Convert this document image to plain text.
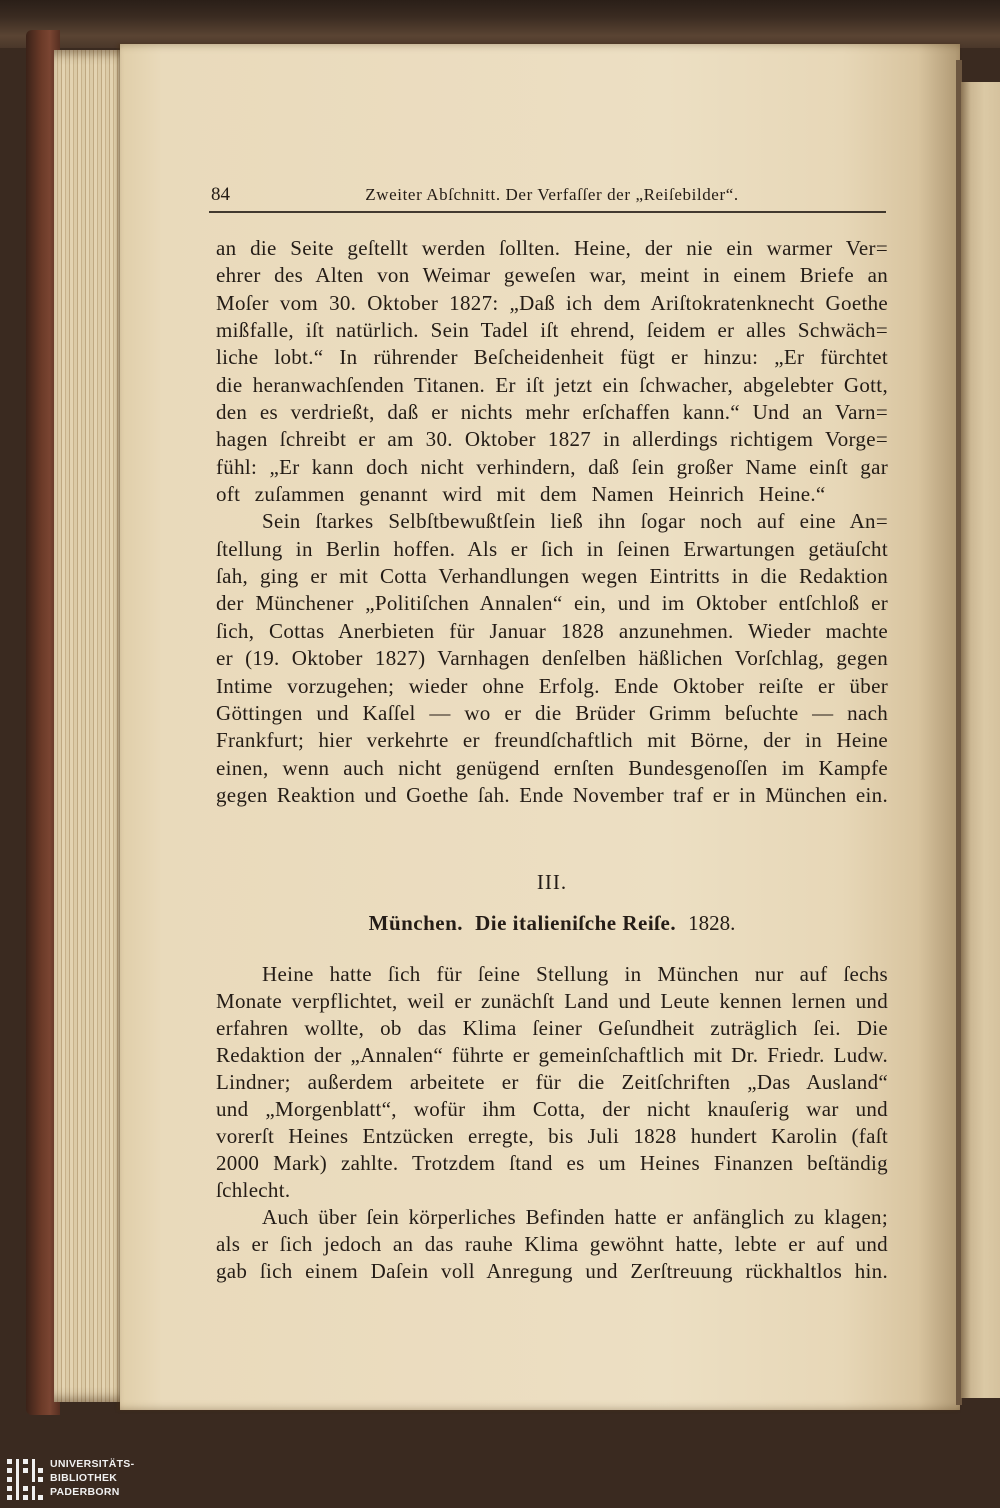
84	Zweiter Abſchnitt. Der Verfaſſer der „Reiſebilder“.
an die Seite geſtellt werden ſollten. Heine, der nie ein warmer Ver=
ehrer des Alten von Weimar geweſen war, meint in einem Briefe an
Moſer vom 30. Oktober 1827: „Daß ich dem Ariſtokratenknecht Goethe
mißfalle, iſt natürlich. Sein Tadel iſt ehrend, ſeidem er alles Schwäch=
liche lobt.“ In rührender Beſcheidenheit fügt er hinzu: „Er fürchtet
die heranwachſenden Titanen. Er iſt jetzt ein ſchwacher, abgelebter Gott,
den es verdrießt, daß er nichts mehr erſchaffen kann.“ Und an Varn=
hagen ſchreibt er am 30. Oktober 1827 in allerdings richtigem Vorge=
fühl: „Er kann doch nicht verhindern, daß ſein großer Name einſt gar
oft zuſammen genannt wird mit dem Namen Heinrich Heine.“
Sein ſtarkes Selbſtbewußtſein ließ ihn ſogar noch auf eine An=
ſtellung in Berlin hoffen. Als er ſich in ſeinen Erwartungen getäuſcht
ſah, ging er mit Cotta Verhandlungen wegen Eintritts in die Redaktion
der Münchener „Politiſchen Annalen“ ein, und im Oktober entſchloß er
ſich, Cottas Anerbieten für Januar 1828 anzunehmen. Wieder machte
er (19. Oktober 1827) Varnhagen denſelben häßlichen Vorſchlag, gegen
Intime vorzugehen; wieder ohne Erfolg. Ende Oktober reiſte er über
Göttingen und Kaſſel — wo er die Brüder Grimm beſuchte — nach
Frankfurt; hier verkehrte er freundſchaftlich mit Börne, der in Heine
einen, wenn auch nicht genügend ernſten Bundesgenoſſen im Kampfe
gegen Reaktion und Goethe ſah. Ende November traf er in München ein.
III.
München. Die italieniſche Reiſe. 1828.
Heine hatte ſich für ſeine Stellung in München nur auf ſechs
Monate verpflichtet, weil er zunächſt Land und Leute kennen lernen und
erfahren wollte, ob das Klima ſeiner Geſundheit zuträglich ſei. Die
Redaktion der „Annalen“ führte er gemeinſchaftlich mit Dr. Friedr. Ludw.
Lindner; außerdem arbeitete er für die Zeitſchriften „Das Ausland“
und „Morgenblatt“, wofür ihm Cotta, der nicht knauſerig war und
vorerſt Heines Entzücken erregte, bis Juli 1828 hundert Karolin (faſt
2000 Mark) zahlte. Trotzdem ſtand es um Heines Finanzen beſtändig
ſchlecht.
Auch über ſein körperliches Befinden hatte er anfänglich zu klagen;
als er ſich jedoch an das rauhe Klima gewöhnt hatte, lebte er auf und
gab ſich einem Daſein voll Anregung und Zerſtreuung rückhaltlos hin.
UNIVERSITÄTS-
BIBLIOTHEK
PADERBORN
